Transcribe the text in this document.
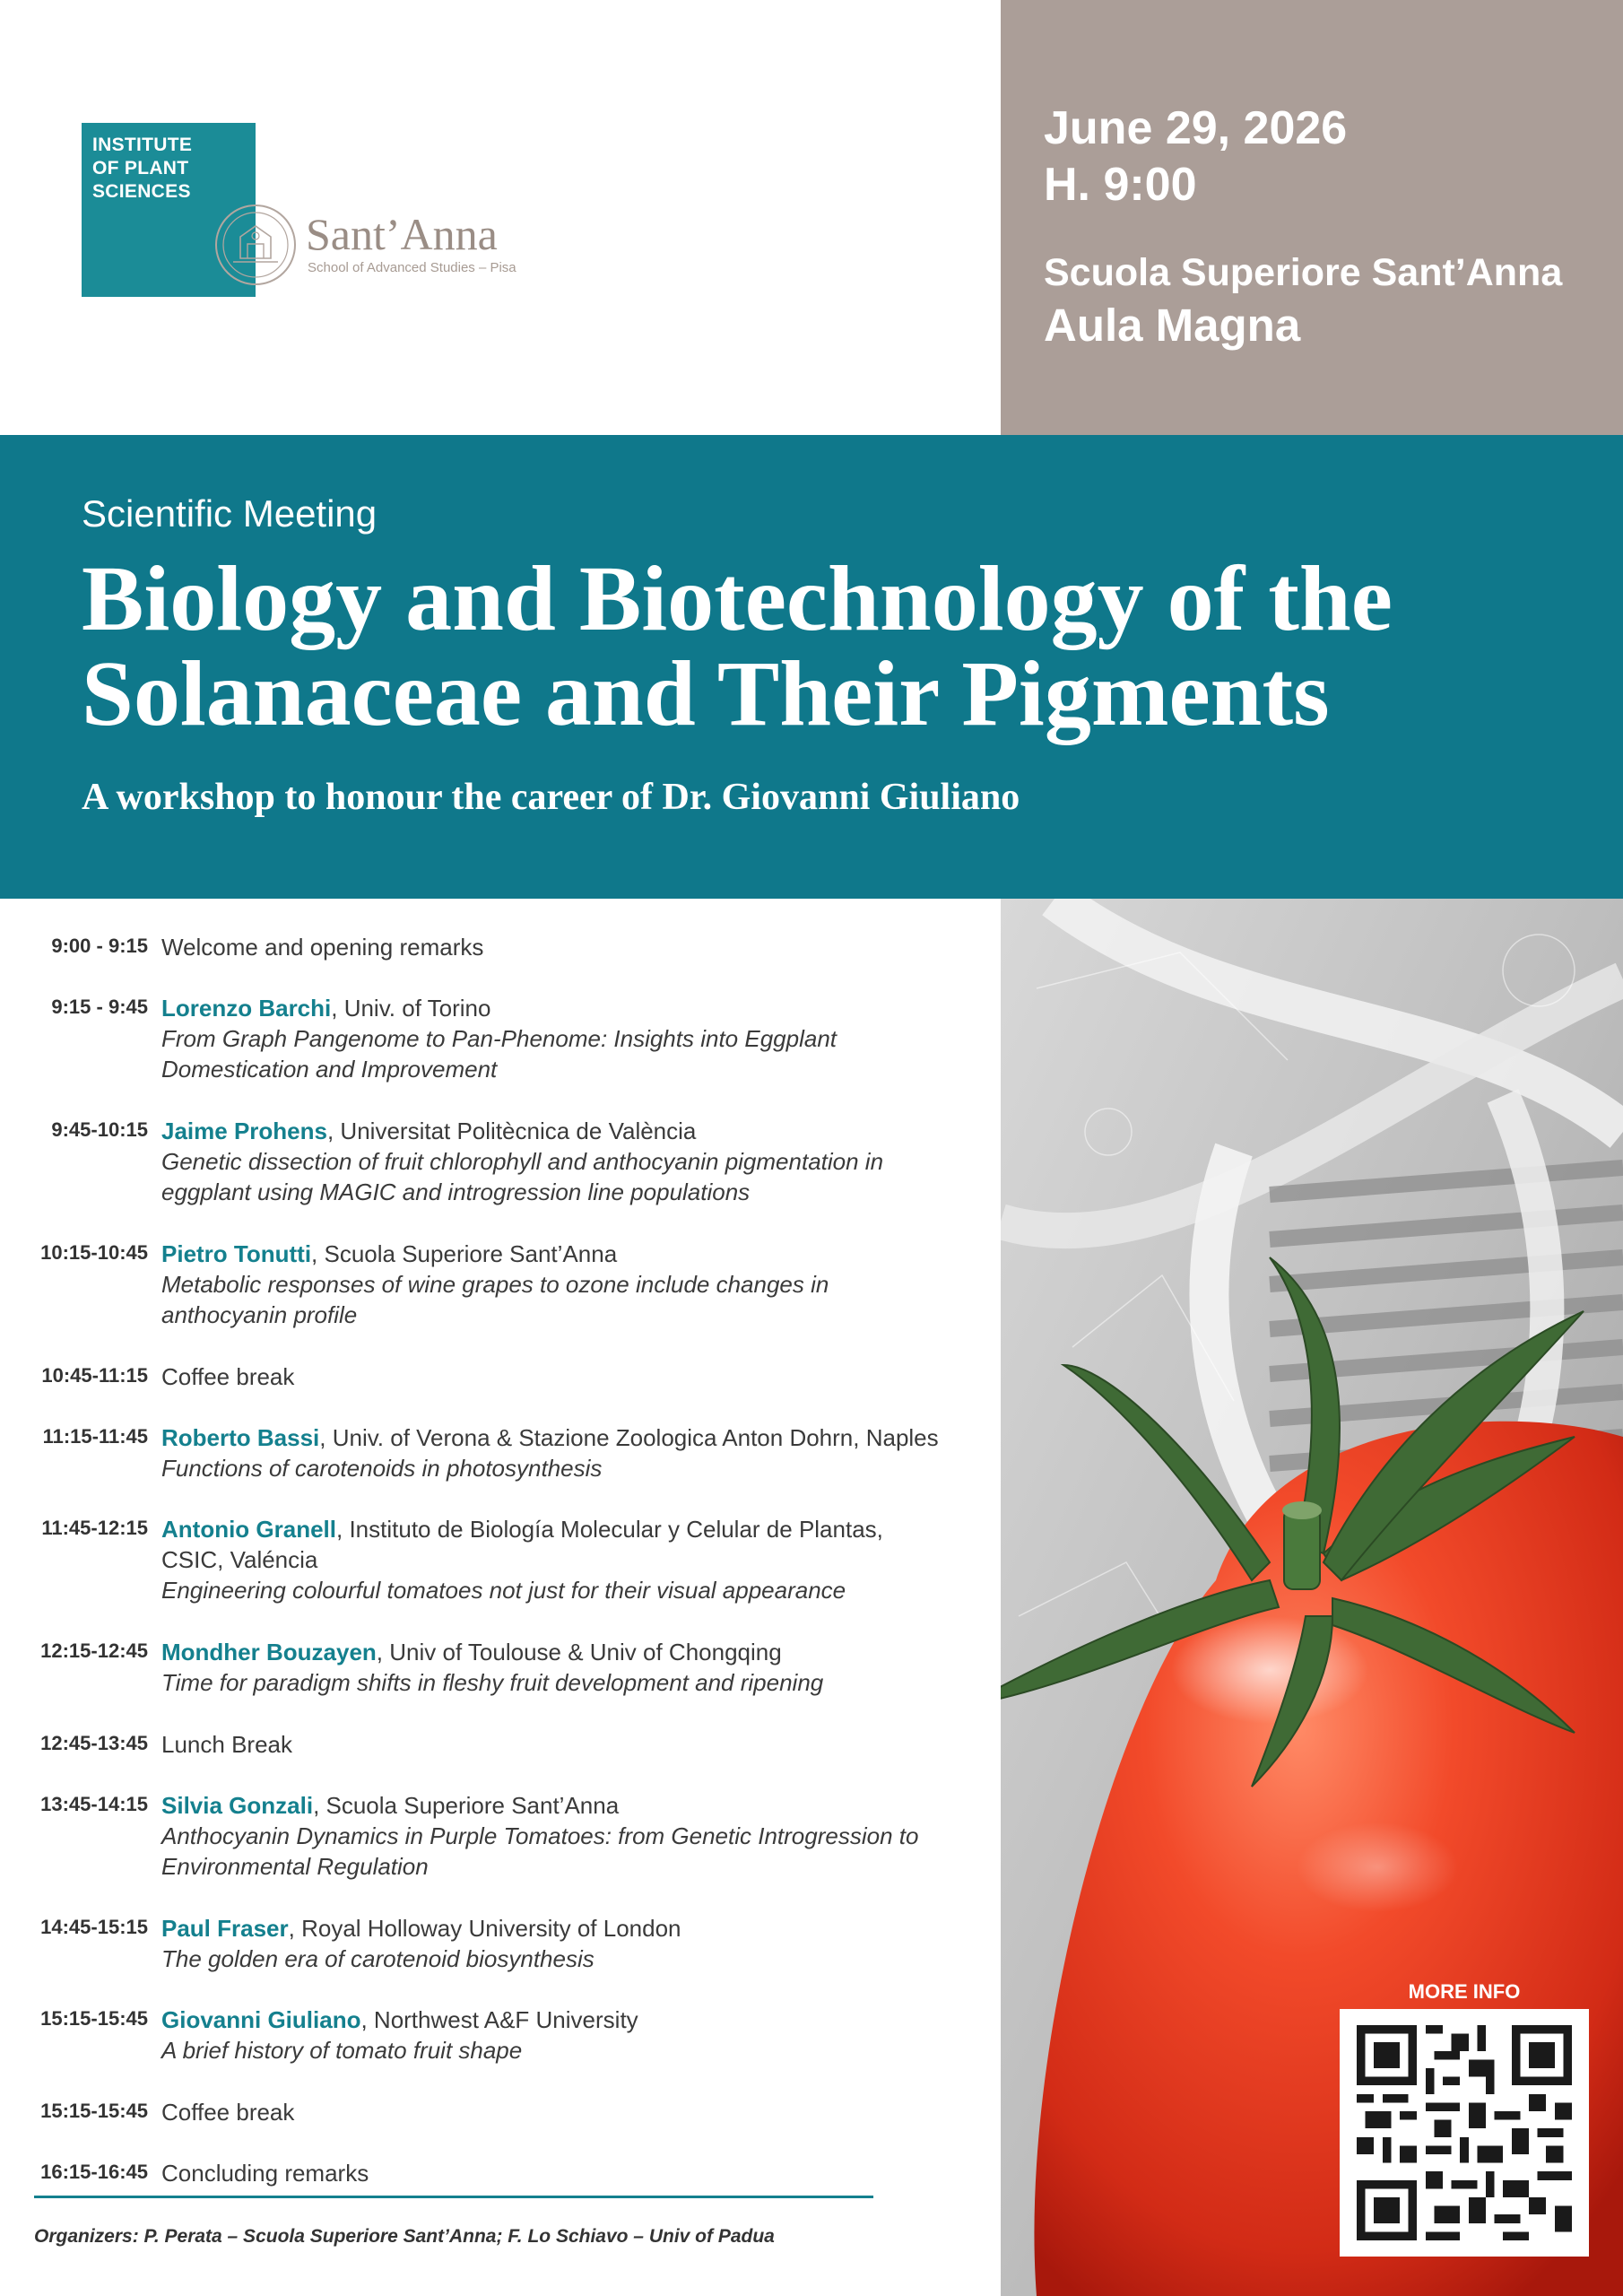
INSTITUTE
OF PLANT
SCIENCES
Sant’Anna
School of Advanced Studies – Pisa
June 29, 2026
H. 9:00
Scuola Superiore Sant’Anna
Aula Magna
Scientific Meeting
Biology and Biotechnology of the
Solanaceae and Their Pigments
A workshop to honour the career of Dr. Giovanni Giuliano
MORE INFO
9:00 - 9:15 Welcome and opening remarks
9:15 - 9:45 Lorenzo Barchi, Univ. of Torino
From Graph Pangenome to Pan-Phenome: Insights into Eggplant
Domestication and Improvement
9:45-10:15 Jaime Prohens, Universitat Politècnica de València
Genetic dissection of fruit chlorophyll and anthocyanin pigmentation in
eggplant using MAGIC and introgression line populations
10:15-10:45 Pietro Tonutti, Scuola Superiore Sant’Anna
Metabolic responses of wine grapes to ozone include changes in
anthocyanin profile
10:45-11:15 Coffee break
11:15-11:45 Roberto Bassi, Univ. of Verona & Stazione Zoologica Anton Dohrn, Naples
Functions of carotenoids in photosynthesis
11:45-12:15 Antonio Granell, Instituto de Biología Molecular y Celular de Plantas,
CSIC, Valéncia
Engineering colourful tomatoes not just for their visual appearance
12:15-12:45 Mondher Bouzayen, Univ of Toulouse & Univ of Chongqing
Time for paradigm shifts in fleshy fruit development and ripening
12:45-13:45 Lunch Break
13:45-14:15 Silvia Gonzali, Scuola Superiore Sant’Anna
Anthocyanin Dynamics in Purple Tomatoes: from Genetic Introgression to
Environmental Regulation
14:45-15:15 Paul Fraser, Royal Holloway University of London
The golden era of carotenoid biosynthesis
15:15-15:45 Giovanni Giuliano, Northwest A&F University
A brief history of tomato fruit shape
15:15-15:45 Coffee break
16:15-16:45 Concluding remarks
Organizers: P. Perata – Scuola Superiore Sant’Anna; F. Lo Schiavo – Univ of Padua
